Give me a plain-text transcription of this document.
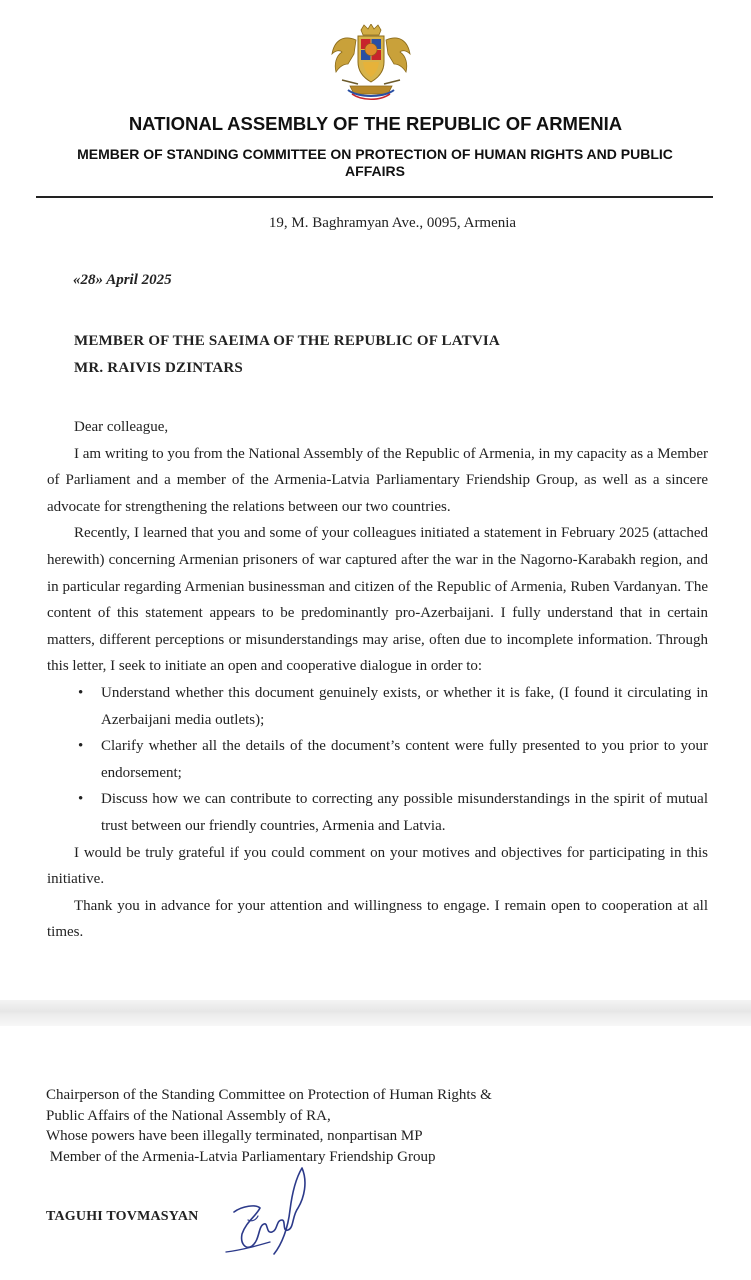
NATIONAL ASSEMBLY OF THE REPUBLIC OF ARMENIA
MEMBER OF STANDING COMMITTEE ON PROTECTION OF HUMAN RIGHTS AND PUBLIC AFFAIRS
19, M. Baghramyan Ave., 0095, Armenia
«28» April 2025
MEMBER OF THE SAEIMA OF THE REPUBLIC OF LATVIA
MR. RAIVIS DZINTARS

Dear colleague,

I am writing to you from the National Assembly of the Republic of Armenia, in my capacity as a Member of Parliament and a member of the Armenia-Latvia Parliamentary Friendship Group, as well as a sincere advocate for strengthening the relations between our two countries.

Recently, I learned that you and some of your colleagues initiated a statement in February 2025 (attached herewith) concerning Armenian prisoners of war captured after the war in the Nagorno-Karabakh region, and in particular regarding Armenian businessman and citizen of the Republic of Armenia, Ruben Vardanyan. The content of this statement appears to be predominantly pro-Azerbaijani. I fully understand that in certain matters, different perceptions or misunderstandings may arise, often due to incomplete information. Through this letter, I seek to initiate an open and cooperative dialogue in order to:

• Understand whether this document genuinely exists, or whether it is fake, (I found it circulating in Azerbaijani media outlets);
• Clarify whether all the details of the document’s content were fully presented to you prior to your endorsement;
• Discuss how we can contribute to correcting any possible misunderstandings in the spirit of mutual trust between our friendly countries, Armenia and Latvia.

I would be truly grateful if you could comment on your motives and objectives for participating in this initiative.

Thank you in advance for your attention and willingness to engage. I remain open to cooperation at all times.

Chairperson of the Standing Committee on Protection of Human Rights &
Public Affairs of the National Assembly of RA,
Whose powers have been illegally terminated, nonpartisan MP
Member of the Armenia-Latvia Parliamentary Friendship Group
TAGUHI TOVMASYAN
